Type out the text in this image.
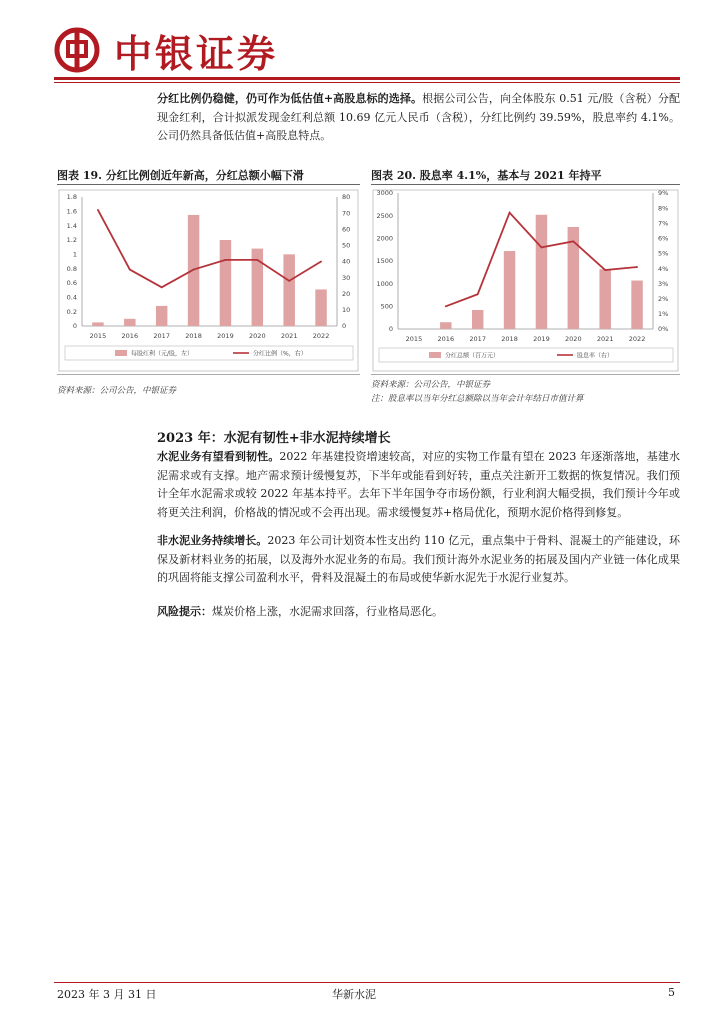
中银证券
分红比例仍稳健，仍可作为低估值+高股息标的选择。根据公司公告，向全体股东 0.51 元/股（含税）分配现金红利，合计拟派发现金红利总额 10.69 亿元人民币（含税），分红比例约 39.59%，股息率约 4.1%。公司仍然具备低估值+高股息特点。
图表 19. 分红比例创近年新高，分红总额小幅下滑
0
0.2
0.4
0.6
0.8
1
1.2
1.4
1.6
1.8
0
10
20
30
40
50
60
70
80
2015 2016 2017 2018 2019 2020 2021 2022
每股红利（元/股，左）	分红比例（%，右）
资料来源：公司公告，中银证券
图表 20. 股息率 4.1%，基本与 2021 年持平
0
500
1000
1500
2000
2500
3000
0%
1%
2%
3%
4%
5%
6%
7%
8%
9%
2015 2016 2017 2018 2019 2020 2021 2022
分红总额（百万元）	股息率（右）
资料来源：公司公告，中银证券
注：股息率以当年分红总额除以当年会计年结日市值计算
2023 年：水泥有韧性+非水泥持续增长
水泥业务有望看到韧性。2022 年基建投资增速较高，对应的实物工作量有望在 2023 年逐渐落地，基建水泥需求或有支撑。地产需求预计缓慢复苏，下半年或能看到好转，重点关注新开工数据的恢复情况。我们预计全年水泥需求或较 2022 年基本持平。去年下半年国争夺市场份额，行业利润大幅受损，我们预计今年或将更关注利润，价格战的情况或不会再出现。需求缓慢复苏+格局优化，预期水泥价格得到修复。
非水泥业务持续增长。2023 年公司计划资本性支出约 110 亿元，重点集中于骨料、混凝土的产能建设，环保及新材料业务的拓展，以及海外水泥业务的布局。我们预计海外水泥业务的拓展及国内产业链一体化成果的巩固将能支撑公司盈利水平，骨料及混凝土的布局或使华新水泥先于水泥行业复苏。
风险提示：煤炭价格上涨，水泥需求回落，行业格局恶化。
2023 年 3 月 31 日	华新水泥	5
